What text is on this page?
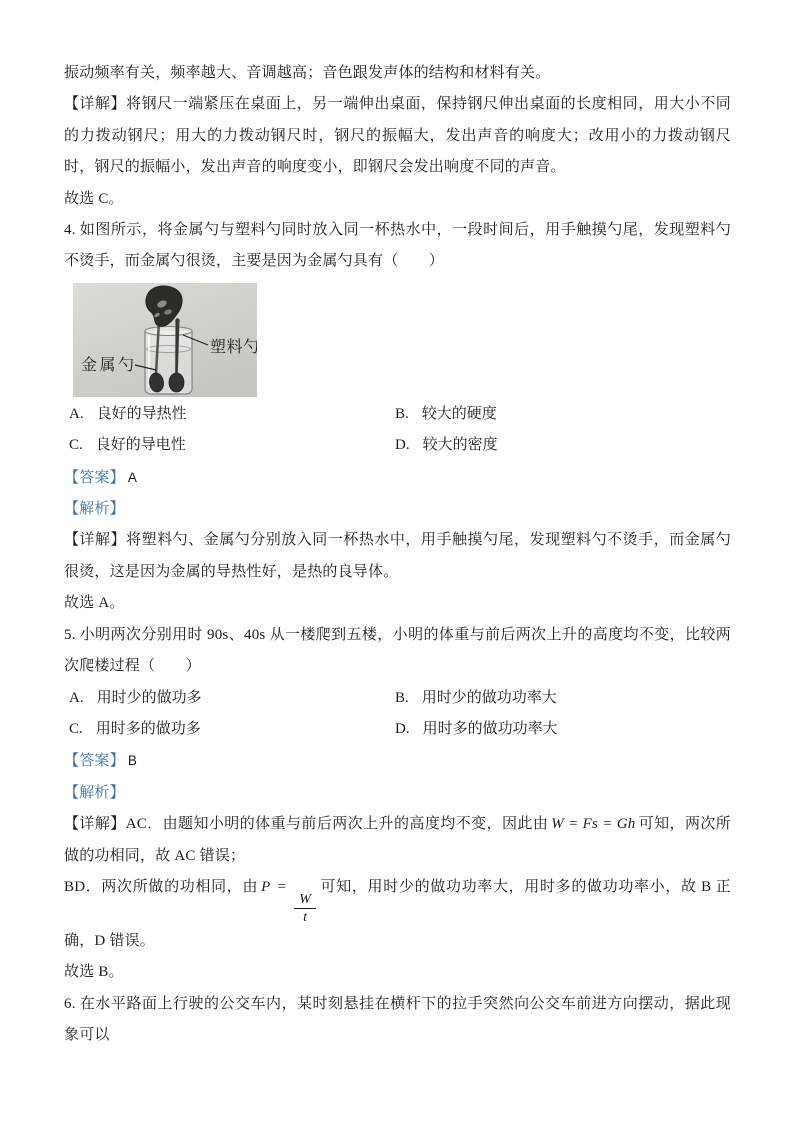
振动频率有关，频率越大、音调越高；音色跟发声体的结构和材料有关。

【详解】将钢尺一端紧压在桌面上，另一端伸出桌面，保持钢尺伸出桌面的长度相同，用大小不同的力拨动钢尺；用大的力拨动钢尺时，钢尺的振幅大，发出声音的响度大；改用小的力拨动钢尺时，钢尺的振幅小，发出声音的响度变小，即钢尺会发出响度不同的声音。

故选 C。

4. 如图所示，将金属勺与塑料勺同时放入同一杯热水中，一段时间后，用手触摸勺尾，发现塑料勺不烫手，而金属勺很烫，主要是因为金属勺具有（　　）

金属勺
塑料勺
A. 良好的导热性	B. 较大的硬度
C. 良好的导电性	D. 较大的密度

【答案】 A

【解析】

【详解】将塑料勺、金属勺分别放入同一杯热水中，用手触摸勺尾，发现塑料勺不烫手，而金属勺很烫，这是因为金属的导热性好，是热的良导体。

故选 A。

5. 小明两次分别用时 90s、40s 从一楼爬到五楼，小明的体重与前后两次上升的高度均不变，比较两次爬楼过程（　　）

A. 用时少的做功多	B. 用时少的做功功率大
C. 用时多的做功多	D. 用时多的做功功率大

【答案】 B

【解析】

【详解】AC．由题知小明的体重与前后两次上升的高度均不变，因此由 W = Fs = Gh 可知，两次所做的功相同，故 AC 错误；

BD．两次所做的功相同，由 P =
$\frac{W}{t}$
可知，用时少的做功功率大，用时多的做功功率小，故 B 正确，D 错误。

故选 B。

6. 在水平路面上行驶的公交车内，某时刻悬挂在横杆下的拉手突然向公交车前进方向摆动，据此现象可以
